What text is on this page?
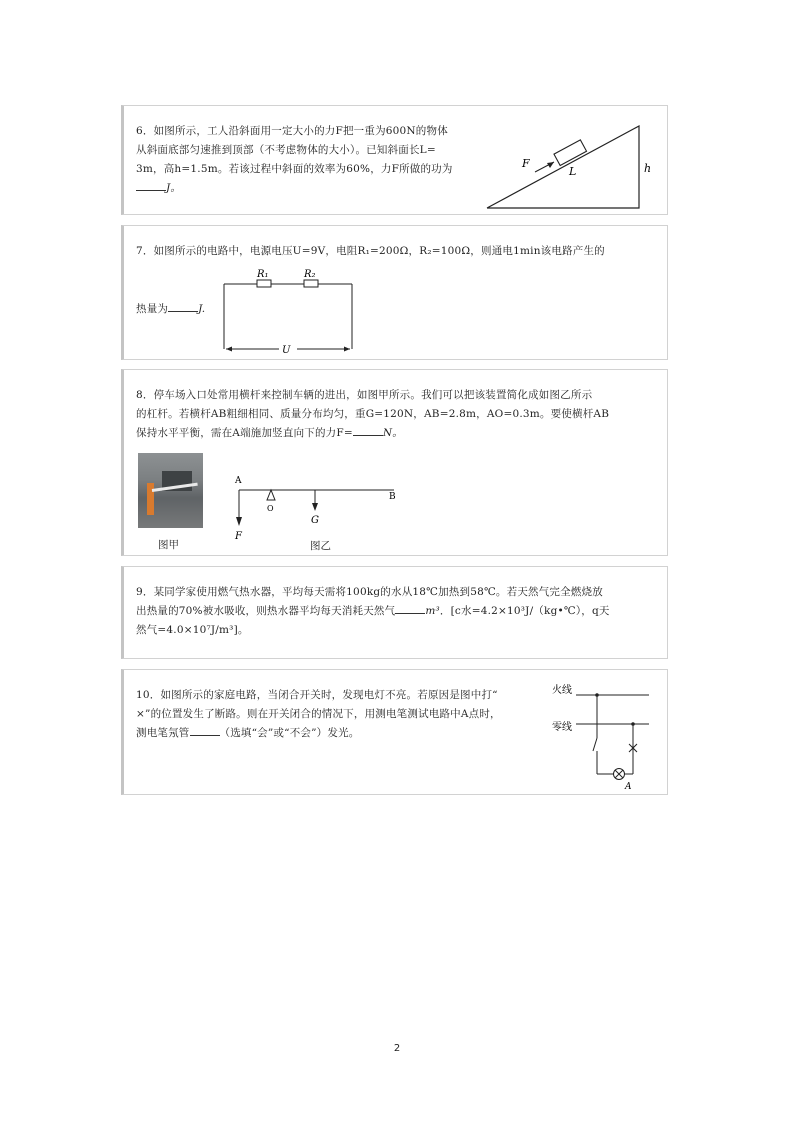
6．如图所示，工人沿斜面用一定大小的力F把一重为600N的物体
从斜面底部匀速推到顶部（不考虑物体的大小）。已知斜面长L=
3m，高h=1.5m。若该过程中斜面的效率为60%，力F所做的功为
J。
F
L	h
7．如图所示的电路中，电源电压U=9V，电阻R₁=200Ω，R₂=100Ω，则通电1min该电路产生的
热量为	J.
R₁	R₂
U
8．停车场入口处常用横杆来控制车辆的进出，如图甲所示。我们可以把该装置简化成如图乙所示
的杠杆。若横杆AB粗细相同、质量分布均匀，重G=120N，AB=2.8m，AO=0.3m。要使横杆AB
保持水平平衡，需在A端施加竖直向下的力F=	N。
图甲
A
B
O
G
F
图乙
9．某同学家使用燃气热水器，平均每天需将100kg的水从18℃加热到58℃。若天然气完全燃烧放
出热量的70%被水吸收，则热水器平均每天消耗天然气	m³．[c水=4.2×10³J/（kg•℃），q天
然气=4.0×10⁷J/m³]。
10．如图所示的家庭电路，当闭合开关时，发现电灯不亮。若原因是图中打“
×”的位置发生了断路。则在开关闭合的情况下，用测电笔测试电路中A点时，
测电笔氖管	（选填“会”或“不会”）发光。
火线
零线
A
2
